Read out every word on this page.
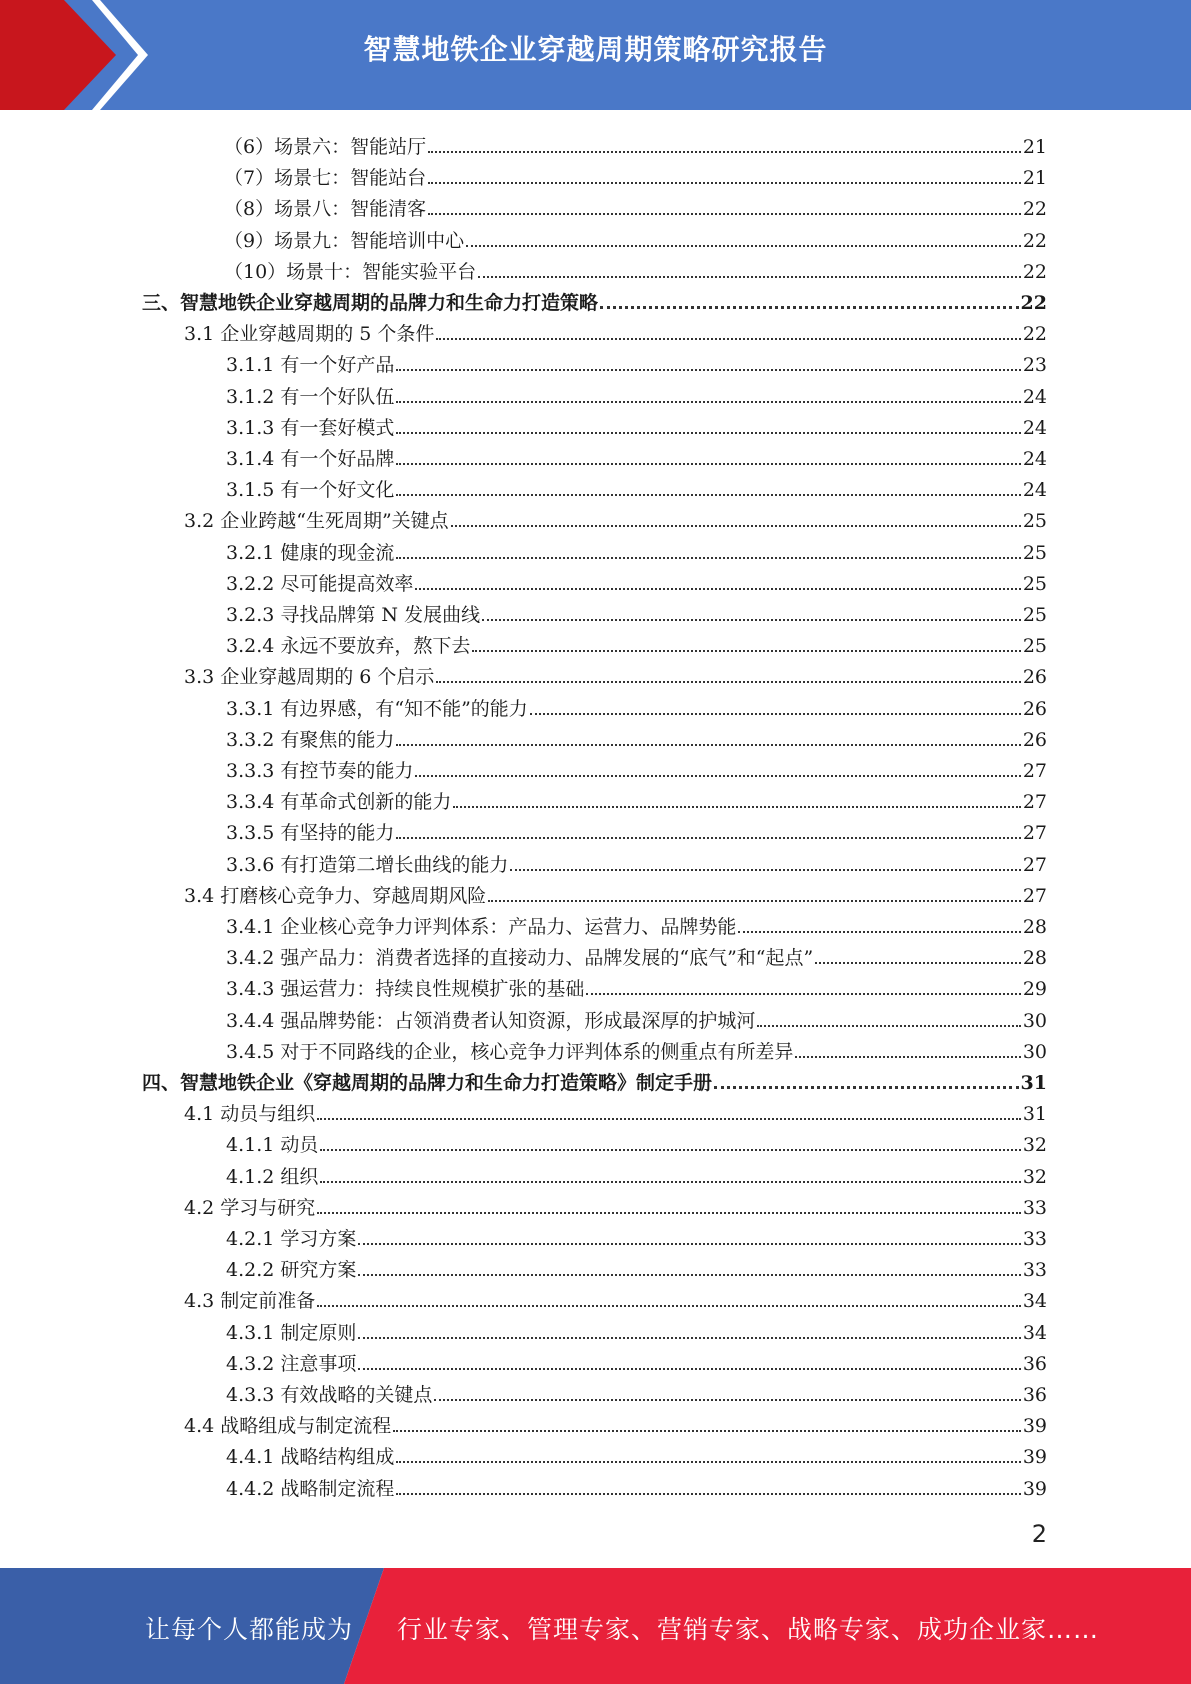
智慧地铁企业穿越周期策略研究报告
（6）场景六：智能站厅	21
（7）场景七：智能站台	21
（8）场景八：智能清客	22
（9）场景九：智能培训中心	22
（10）场景十：智能实验平台	22
三、智慧地铁企业穿越周期的品牌力和生命力打造策略	22
3.1 企业穿越周期的 5 个条件	22
3.1.1 有一个好产品	23
3.1.2 有一个好队伍	24
3.1.3 有一套好模式	24
3.1.4 有一个好品牌	24
3.1.5 有一个好文化	24
3.2 企业跨越“生死周期”关键点	25
3.2.1 健康的现金流	25
3.2.2 尽可能提高效率	25
3.2.3 寻找品牌第 N 发展曲线	25
3.2.4 永远不要放弃，熬下去	25
3.3 企业穿越周期的 6 个启示	26
3.3.1 有边界感，有“知不能”的能力	26
3.3.2 有聚焦的能力	26
3.3.3 有控节奏的能力	27
3.3.4 有革命式创新的能力	27
3.3.5 有坚持的能力	27
3.3.6 有打造第二增长曲线的能力	27
3.4 打磨核心竞争力、穿越周期风险	27
3.4.1 企业核心竞争力评判体系：产品力、运营力、品牌势能	28
3.4.2 强产品力：消费者选择的直接动力、品牌发展的“底气”和“起点”	28
3.4.3 强运营力：持续良性规模扩张的基础	29
3.4.4 强品牌势能：占领消费者认知资源，形成最深厚的护城河	30
3.4.5 对于不同路线的企业，核心竞争力评判体系的侧重点有所差异	30
四、智慧地铁企业《穿越周期的品牌力和生命力打造策略》制定手册	31
4.1 动员与组织	31
4.1.1 动员	32
4.1.2 组织	32
4.2 学习与研究	33
4.2.1 学习方案	33
4.2.2 研究方案	33
4.3 制定前准备	34
4.3.1 制定原则	34
4.3.2 注意事项	36
4.3.3 有效战略的关键点	36
4.4 战略组成与制定流程	39
4.4.1 战略结构组成	39
4.4.2 战略制定流程	39
2
让每个人都能成为 行业专家、管理专家、营销专家、战略专家、成功企业家……
